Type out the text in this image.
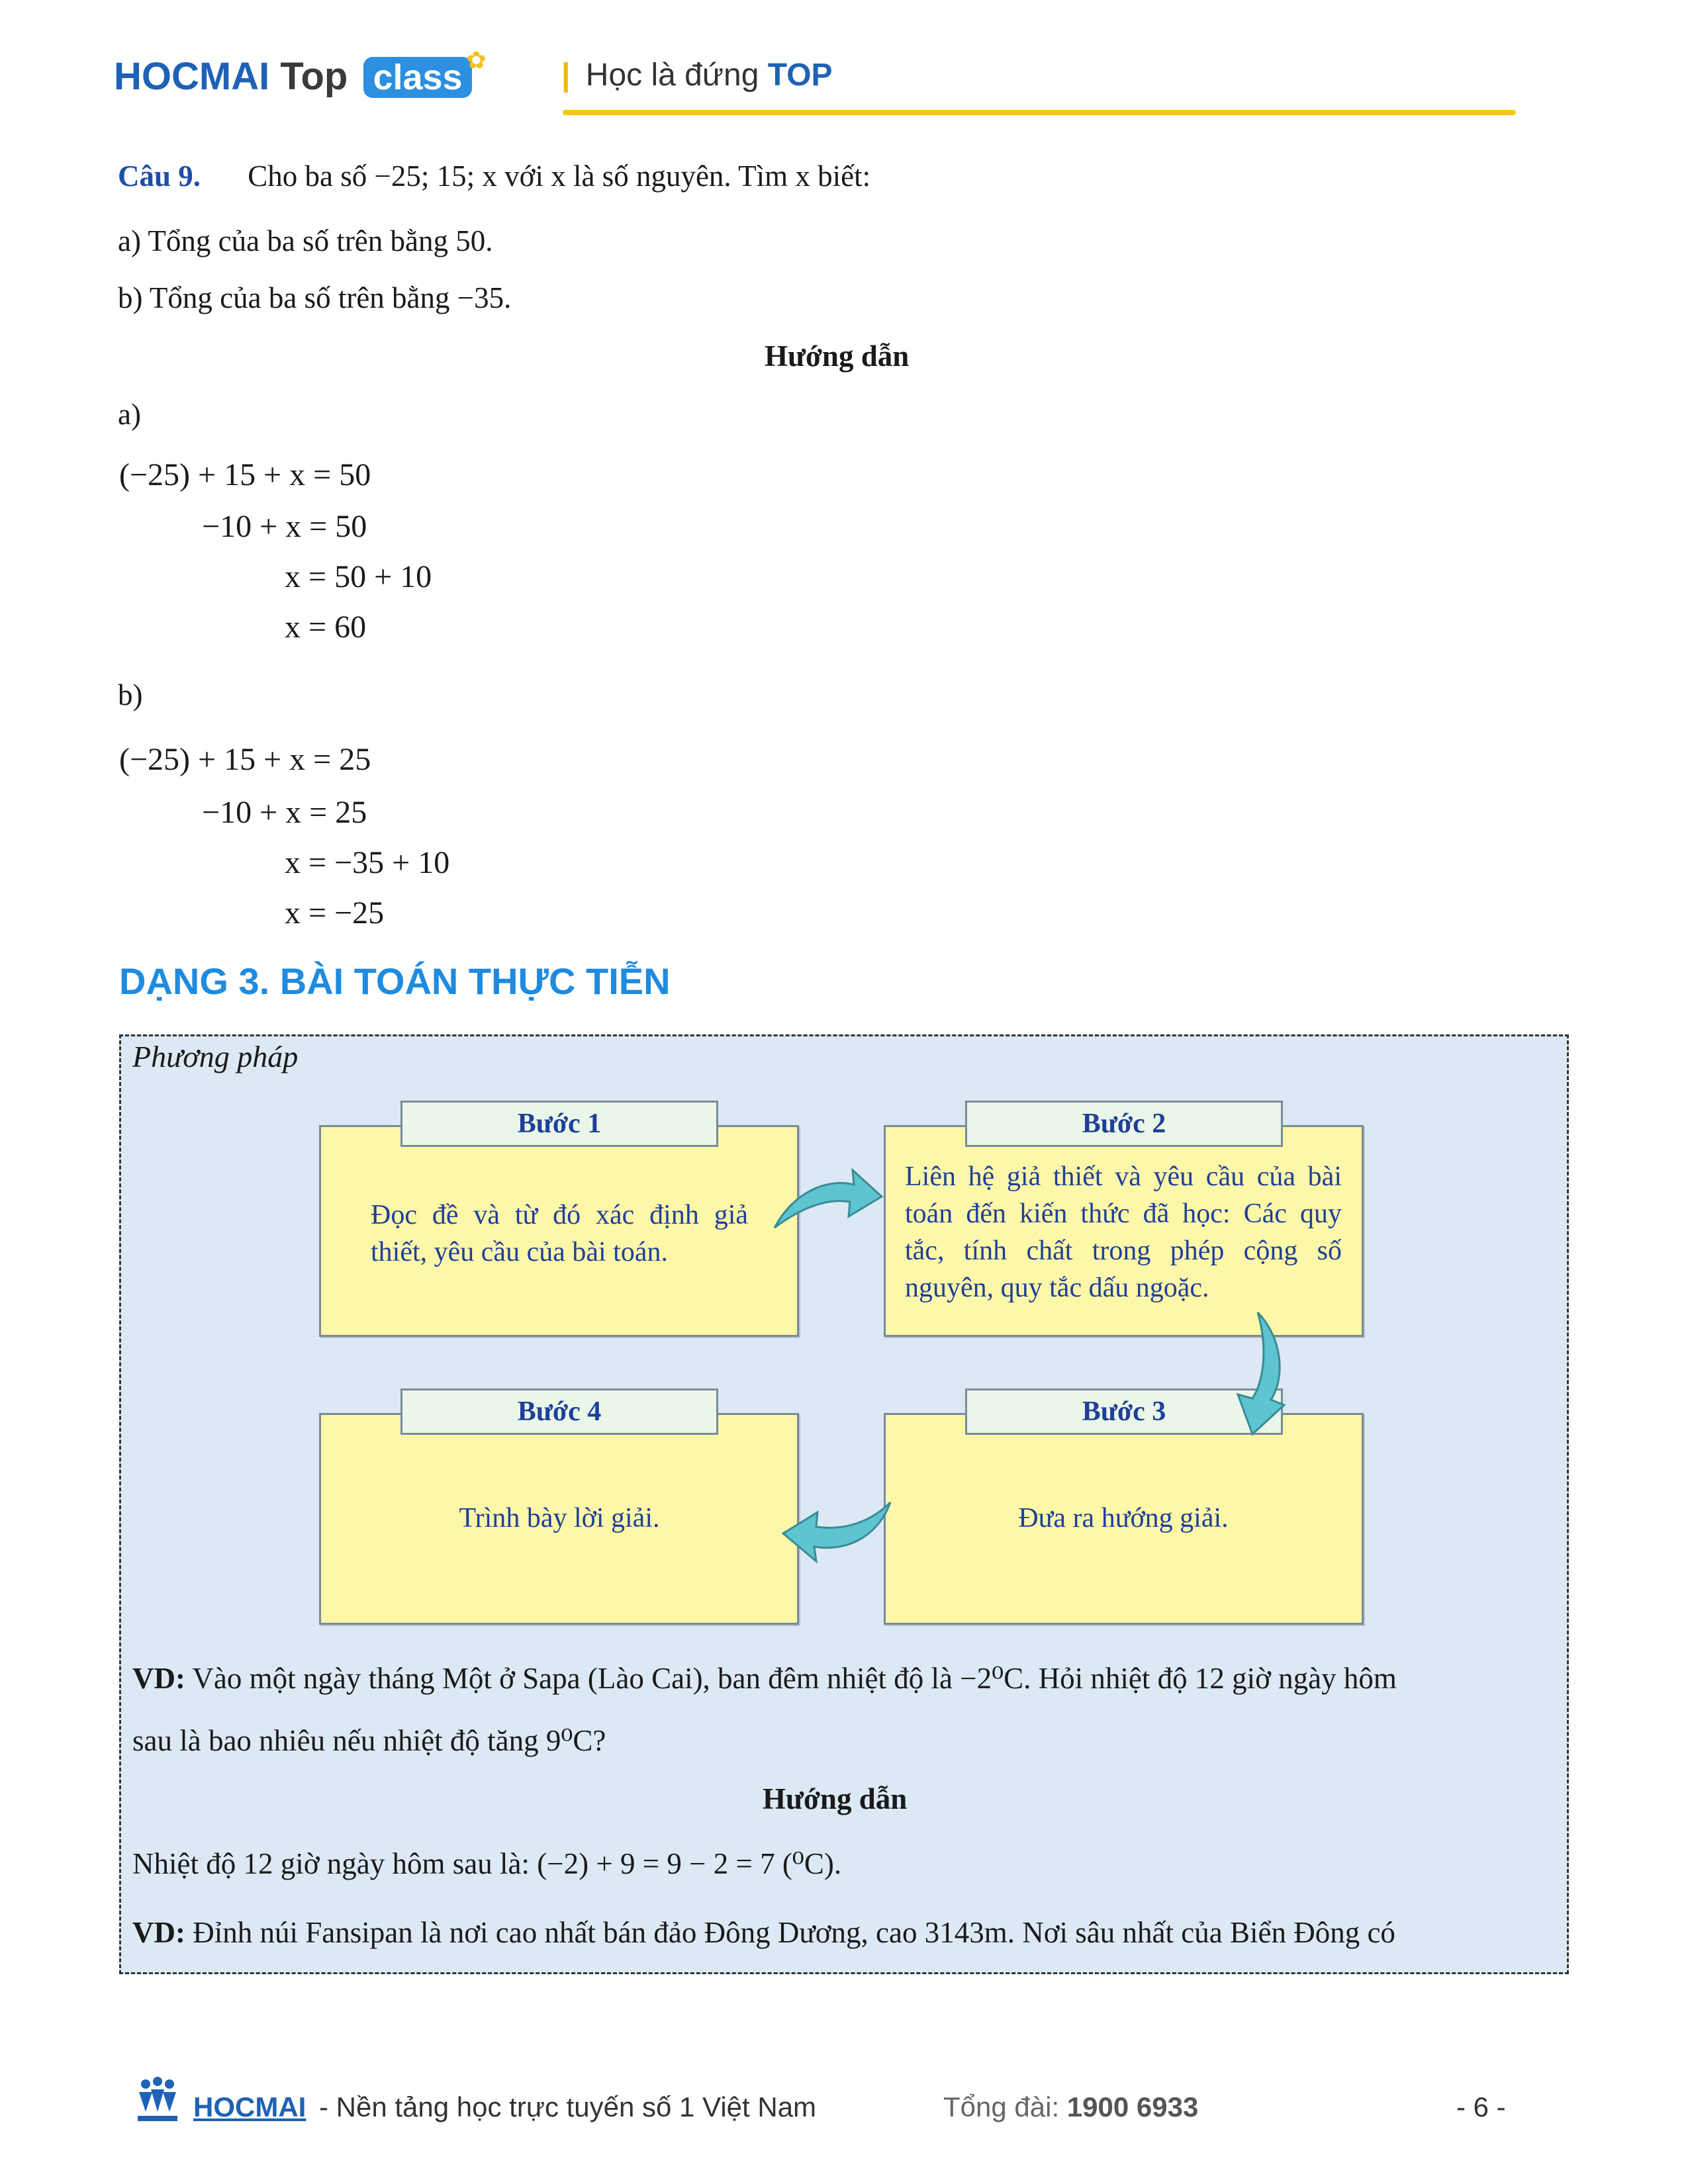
HOCMAI Top class ✿ | Học là đứng TOP
Câu 9. Cho ba số −25; 15; x với x là số nguyên. Tìm x biết:
a) Tổng của ba số trên bằng 50.
b) Tổng của ba số trên bằng −35.
Hướng dẫn
a)
(−25) + 15 + x = 50
−10 + x = 50
x = 50 + 10
x = 60
b)
(−25) + 15 + x = 25
−10 + x = 25
x = −35 + 10
x = −25
DẠNG 3. BÀI TOÁN THỰC TIỄN
Phương pháp
Bước 1
Đọc đề và từ đó xác định giả thiết, yêu cầu của bài toán.
Bước 2
Liên hệ giả thiết và yêu cầu của bài toán đến kiến thức đã học: Các quy tắc, tính chất trong phép cộng số nguyên, quy tắc dấu ngoặc.
Bước 4
Trình bày lời giải.
Bước 3
Đưa ra hướng giải.
VD: Vào một ngày tháng Một ở Sapa (Lào Cai), ban đêm nhiệt độ là −2⁰C. Hỏi nhiệt độ 12 giờ ngày hôm
sau là bao nhiêu nếu nhiệt độ tăng 9⁰C?
Hướng dẫn
Nhiệt độ 12 giờ ngày hôm sau là: (−2) + 9 = 9 − 2 = 7 (⁰C).
VD: Đỉnh núi Fansipan là nơi cao nhất bán đảo Đông Dương, cao 3143m. Nơi sâu nhất của Biển Đông có
HOCMAI - Nền tảng học trực tuyến số 1 Việt Nam	Tổng đài: 1900 6933	- 6 -
